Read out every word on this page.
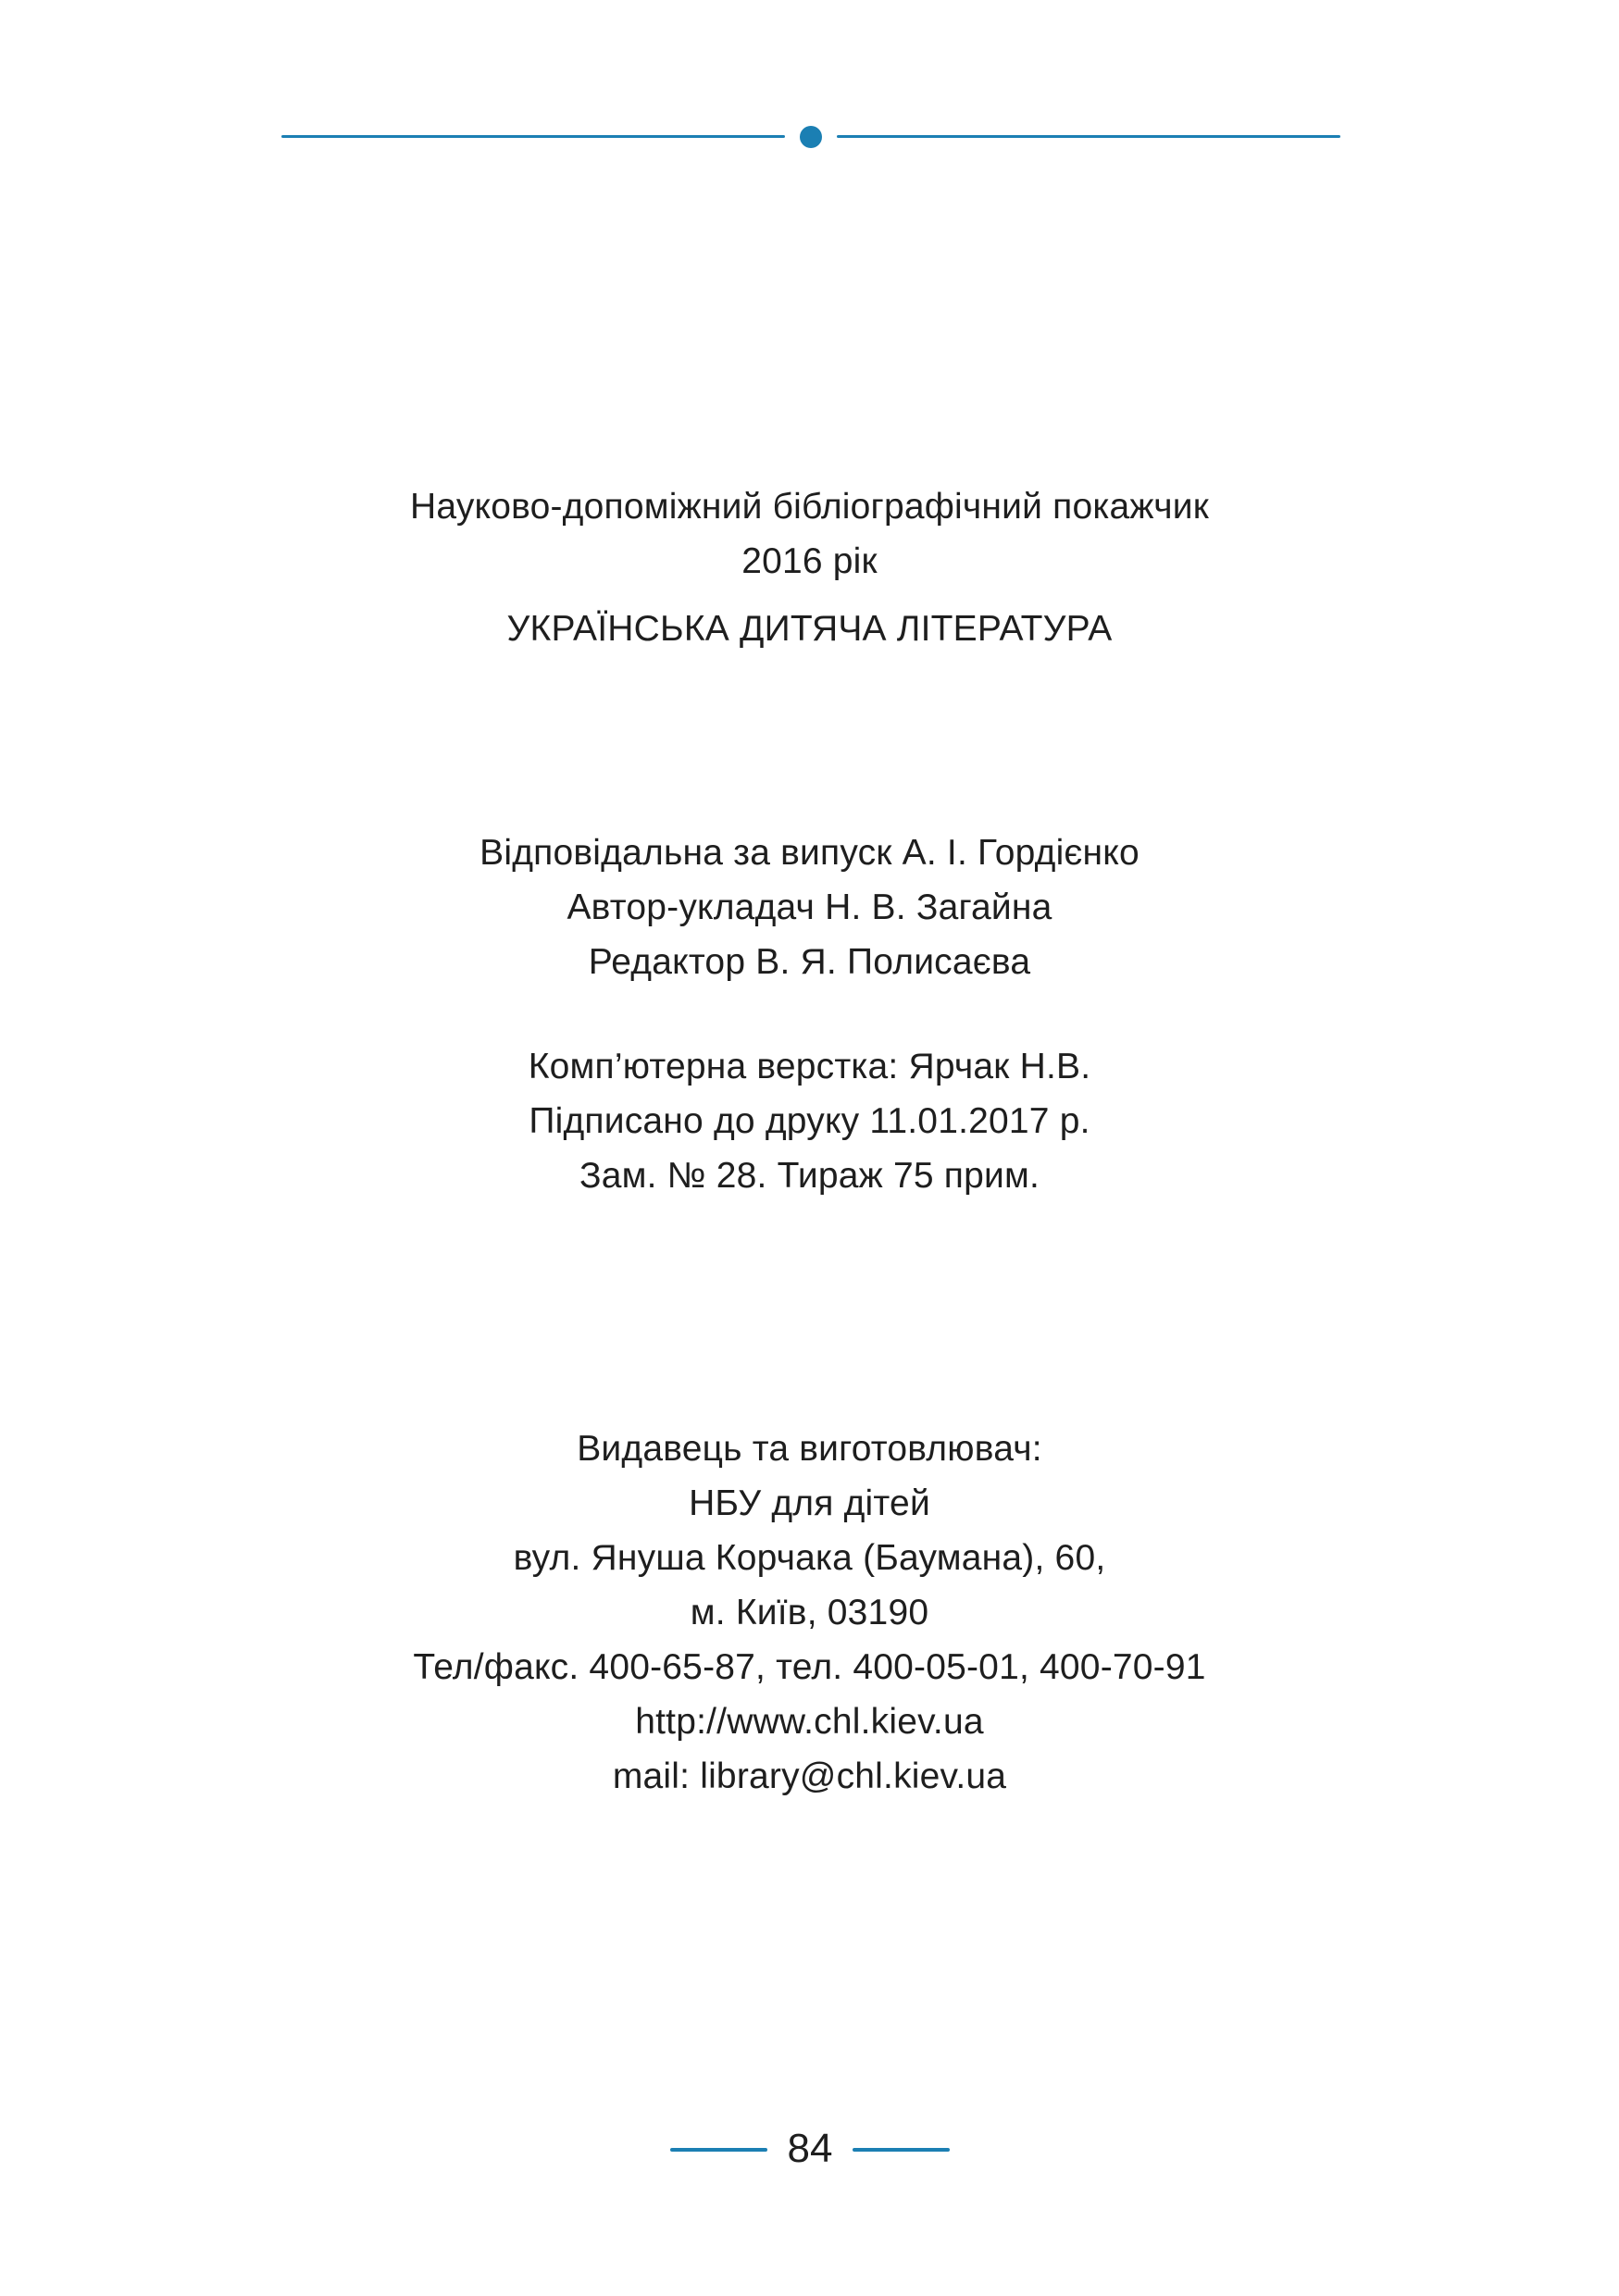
Науково-допоміжний бібліографічний покажчик
2016 рік
УКРАЇНСЬКА ДИТЯЧА ЛІТЕРАТУРА
Відповідальна за випуск А. І. Гордієнко
Автор-укладач Н. В. Загайна
Редактор В. Я. Полисаєва
Комп’ютерна верстка: Ярчак Н.В.
Підписано до друку 11.01.2017 р.
Зам. № 28. Тираж 75 прим.
Видавець та виготовлювач:
НБУ для дітей
вул. Януша Корчака (Баумана), 60,
м. Київ, 03190
Тел/факс. 400-65-87, тел. 400-05-01, 400-70-91
http://www.chl.kiev.ua
mail: library@chl.kiev.ua
84
